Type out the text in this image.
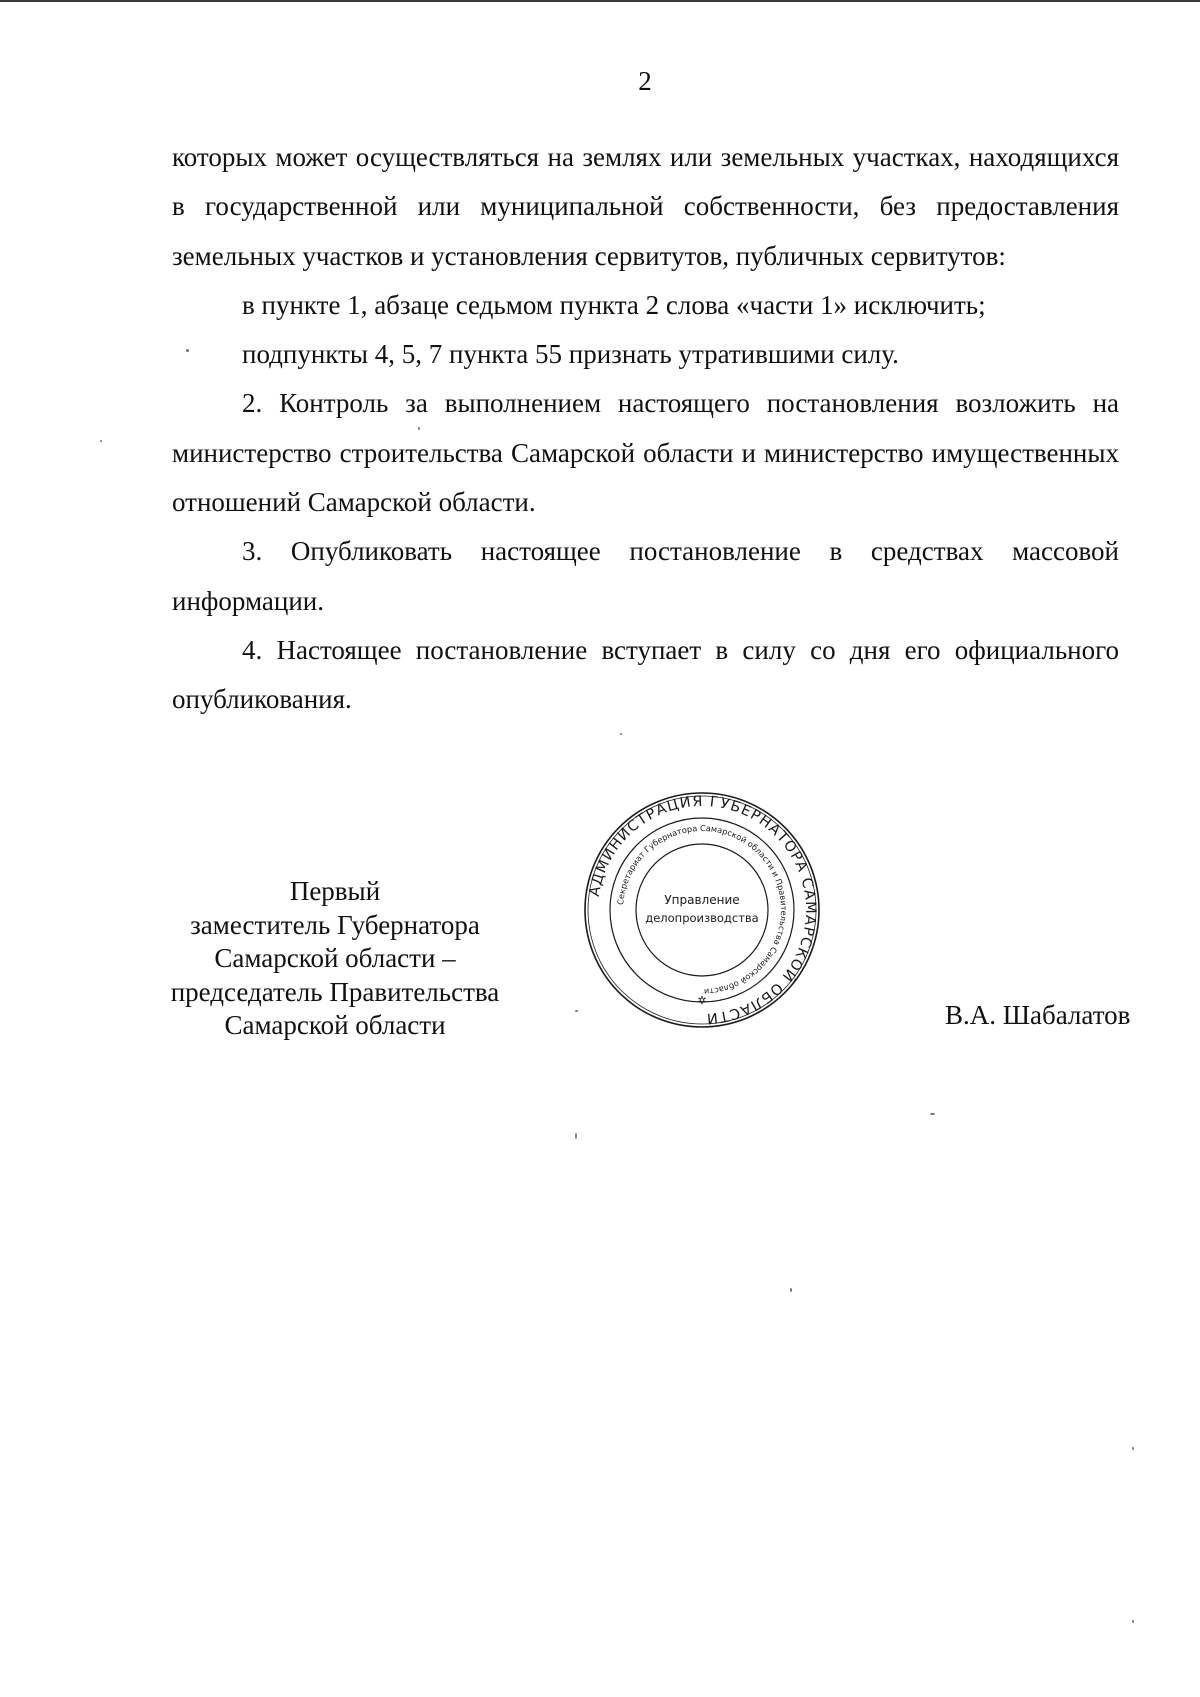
2

которых может осуществляться на землях или земельных участках, находящихся в государственной или муниципальной собственности, без предоставления земельных участков и установления сервитутов, публичных сервитутов:

в пункте 1, абзаце седьмом пункта 2 слова «части 1» исключить;

подпункты 4, 5, 7 пункта 55 признать утратившими силу.

2. Контроль за выполнением настоящего постановления возложить на министерство строительства Самарской области и министерство имущественных отношений Самарской области.

3. Опубликовать настоящее постановление в средствах массовой информации.

4. Настоящее постановление вступает в силу со дня его официального опубликования.

Первый
заместитель Губернатора
Самарской области –
председатель Правительства
Самарской области
АДМИНИСТРАЦИЯ ГУБЕРНАТОРА САМАРСКОЙ ОБЛАСТИ
Секретариат Губернатора Самарской области и Правительства Самарской области
Управление
делопроизводства
✲	В.А. Шабалатов
